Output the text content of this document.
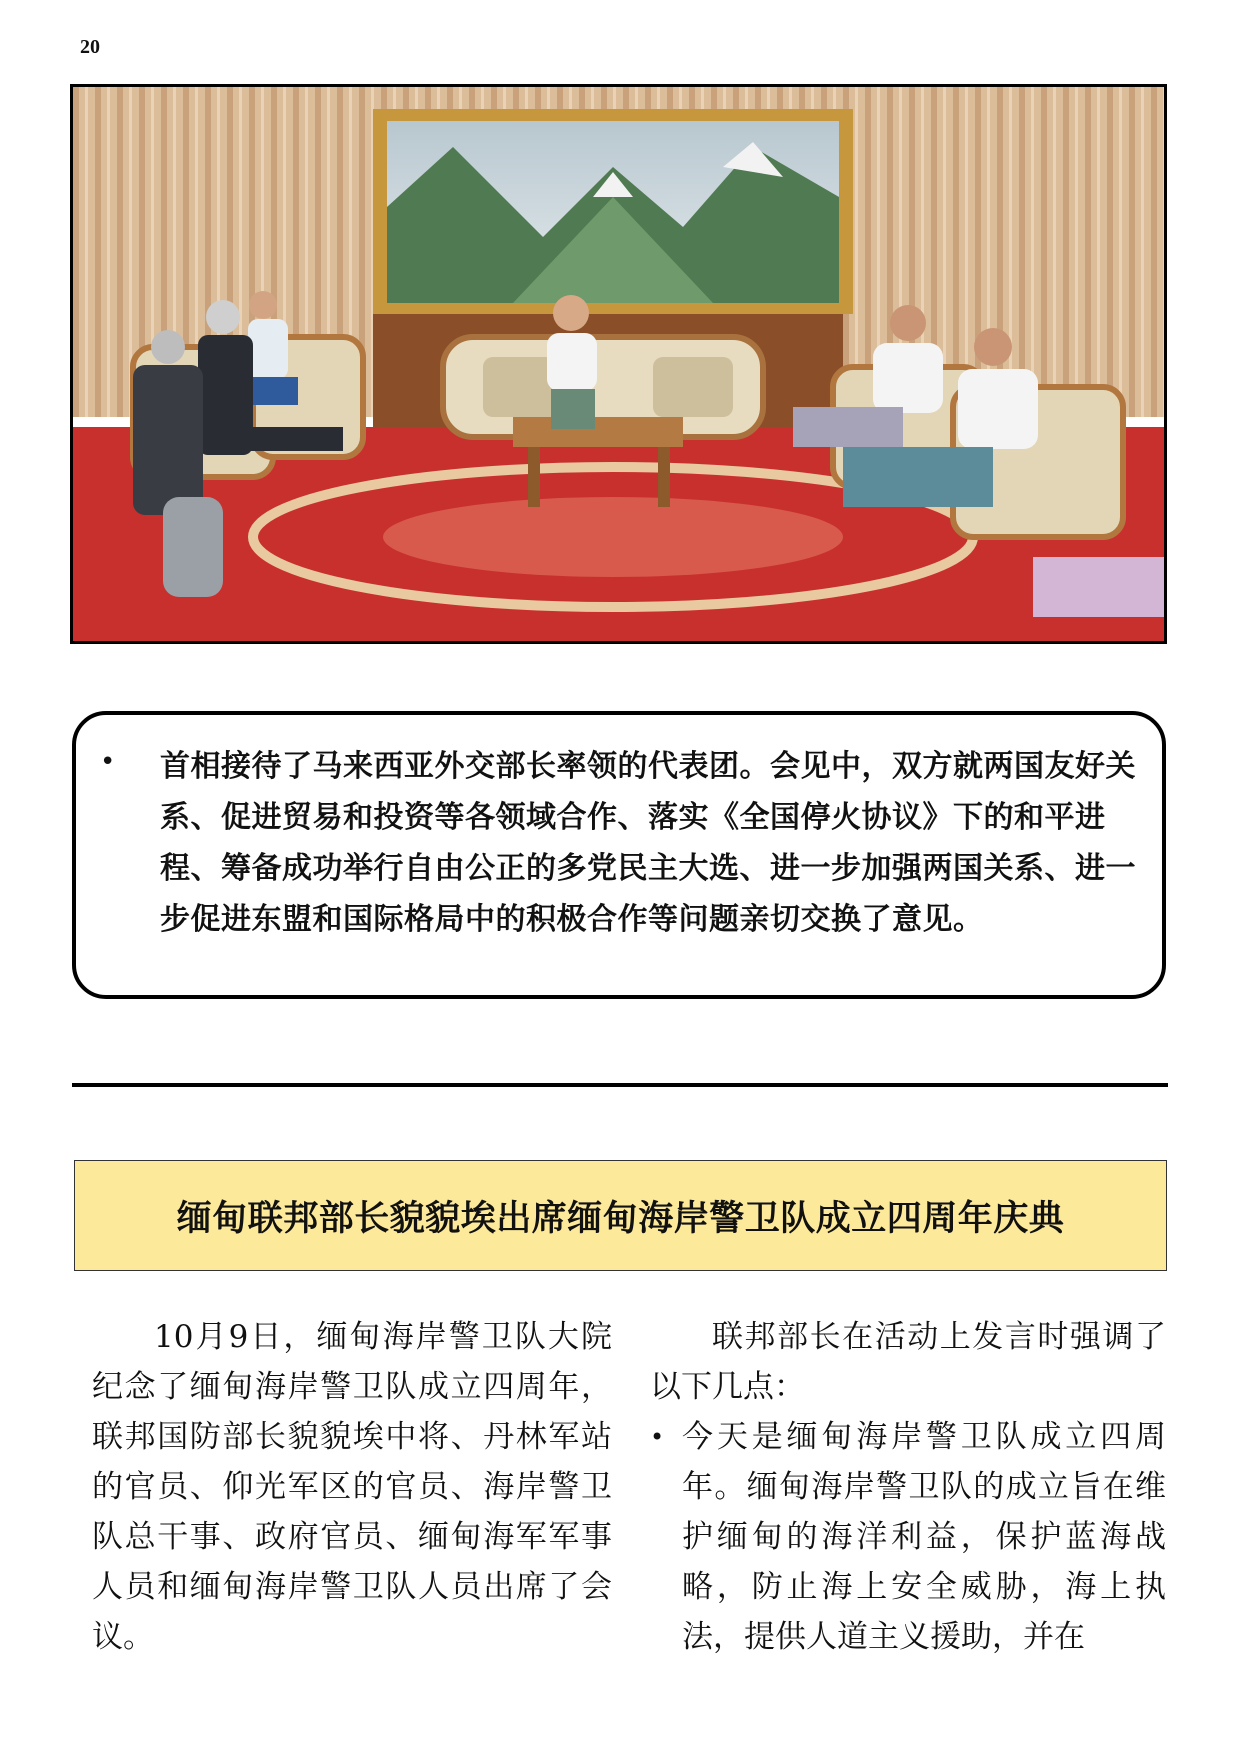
20
• 首相接待了马来西亚外交部长率领的代表团。会见中，双方就两国友好关系、促进贸易和投资等各领域合作、落实《全国停火协议》下的和平进程、筹备成功举行自由公正的多党民主大选、进一步加强两国关系、进一步促进东盟和国际格局中的积极合作等问题亲切交换了意见。

缅甸联邦部长貌貌埃出席缅甸海岸警卫队成立四周年庆典

10月9日，缅甸海岸警卫队大院纪念了缅甸海岸警卫队成立四周年，联邦国防部长貌貌埃中将、丹林军站的官员、仰光军区的官员、海岸警卫队总干事、政府官员、缅甸海军军事人员和缅甸海岸警卫队人员出席了会议。

联邦部长在活动上发言时强调了以下几点：

• 今天是缅甸海岸警卫队成立四周年。缅甸海岸警卫队的成立旨在维护缅甸的海洋利益，保护蓝海战略，防止海上安全威胁，海上执法，提供人道主义援助，并在
